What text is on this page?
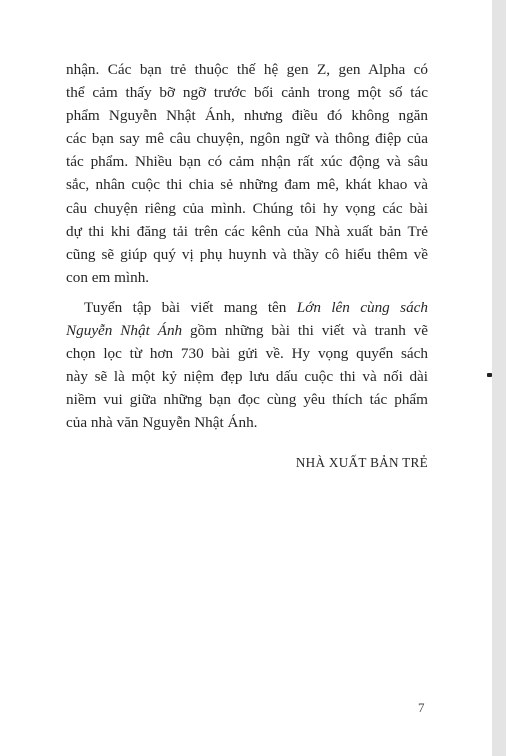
nhận. Các bạn trẻ thuộc thế hệ gen Z, gen Alpha có
thể cảm thấy bỡ ngỡ trước bối cảnh trong một số tác
phẩm Nguyễn Nhật Ánh, nhưng điều đó không ngăn
các bạn say mê câu chuyện, ngôn ngữ và thông điệp của
tác phẩm. Nhiều bạn có cảm nhận rất xúc động và sâu
sắc, nhân cuộc thi chia sẻ những đam mê, khát khao và
câu chuyện riêng của mình. Chúng tôi hy vọng các bài
dự thi khi đăng tải trên các kênh của Nhà xuất bản Trẻ
cũng sẽ giúp quý vị phụ huynh và thầy cô hiểu thêm về
con em mình.
Tuyển tập bài viết mang tên Lớn lên cùng sách
Nguyễn Nhật Ánh gồm những bài thi viết và tranh vẽ
chọn lọc từ hơn 730 bài gửi về. Hy vọng quyển sách
này sẽ là một kỷ niệm đẹp lưu dấu cuộc thi và nối dài
niềm vui giữa những bạn đọc cùng yêu thích tác phẩm
của nhà văn Nguyễn Nhật Ánh.
NHÀ XUẤT BẢN TRẺ
7
